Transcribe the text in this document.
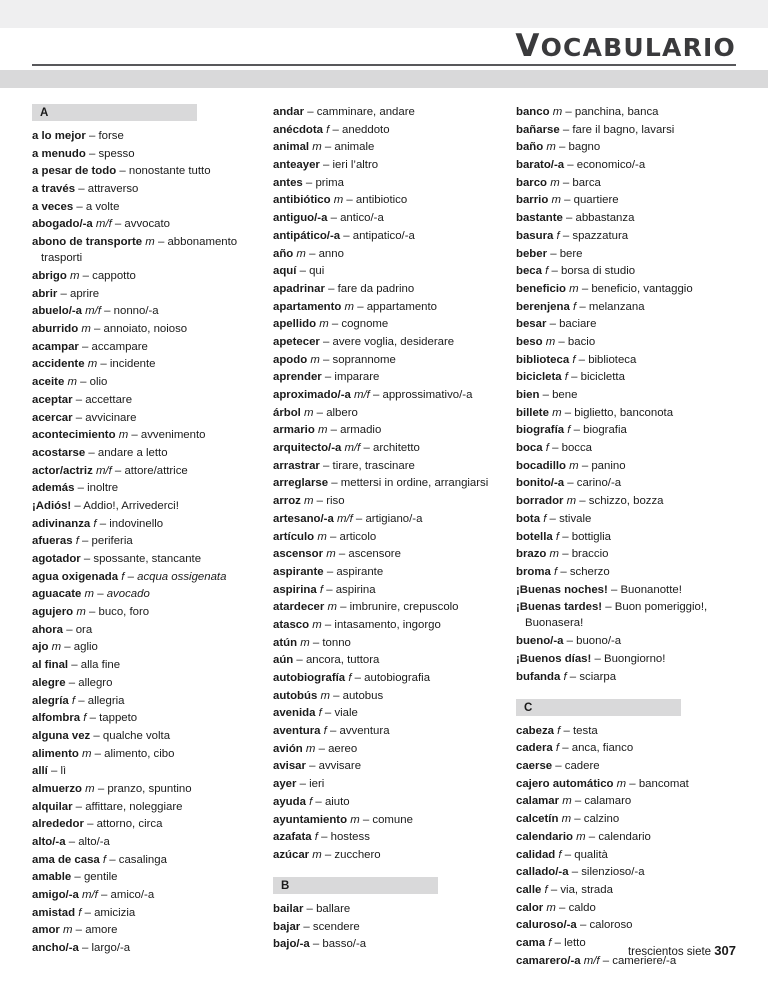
VOCABULARIO
A

a lo mejor – forse

a menudo – spesso

a pesar de todo – nonostante tutto

a través – attraverso

a veces – a volte

abogado/-a m/f – avvocato

abono de transporte m – abbonamento trasporti

abrigo m – cappotto

abrir – aprire

abuelo/-a m/f – nonno/-a

aburrido m – annoiato, noioso

acampar – accampare

accidente m – incidente

aceite m – olio

aceptar – accettare

acercar – avvicinare

acontecimiento m – avvenimento

acostarse – andare a letto

actor/actriz m/f – attore/attrice

además – inoltre

¡Adiós! – Addio!, Arrivederci!

adivinanza f – indovinello

afueras f – periferia

agotador – spossante, stancante

agua oxigenada f – acqua ossigenata

aguacate m – avocado

agujero m – buco, foro

ahora – ora

ajo m – aglio

al final – alla fine

alegre – allegro

alegría f – allegria

alfombra f – tappeto

alguna vez – qualche volta

alimento m – alimento, cibo

allí – lì

almuerzo m – pranzo, spuntino

alquilar – affittare, noleggiare

alrededor – attorno, circa

alto/-a – alto/-a

ama de casa f – casalinga

amable – gentile

amigo/-a m/f – amico/-a

amistad f – amicizia

amor m – amore

ancho/-a – largo/-a

andar – camminare, andare

anécdota f – aneddoto

animal m – animale

anteayer – ieri l’altro

antes – prima

antibiótico m – antibiotico

antiguo/-a – antico/-a

antipático/-a – antipatico/-a

año m – anno

aquí – qui

apadrinar – fare da padrino

apartamento m – appartamento

apellido m – cognome

apetecer – avere voglia, desiderare

apodo m – soprannome

aprender – imparare

aproximado/-a m/f – approssimativo/-a

árbol m – albero

armario m – armadio

arquitecto/-a m/f – architetto

arrastrar – tirare, trascinare

arreglarse – mettersi in ordine, arrangiarsi

arroz m – riso

artesano/-a m/f – artigiano/-a

artículo m – articolo

ascensor m – ascensore

aspirante – aspirante

aspirina f – aspirina

atardecer m – imbrunire, crepuscolo

atasco m – intasamento, ingorgo

atún m – tonno

aún – ancora, tuttora

autobiografía f – autobiografia

autobús m – autobus

avenida f – viale

aventura f – avventura

avión m – aereo

avisar – avvisare

ayer – ieri

ayuda f – aiuto

ayuntamiento m – comune

azafata f – hostess

azúcar m – zucchero

B

bailar – ballare

bajar – scendere

bajo/-a – basso/-a

banco m – panchina, banca

bañarse – fare il bagno, lavarsi

baño m – bagno

barato/-a – economico/-a

barco m – barca

barrio m – quartiere

bastante – abbastanza

basura f – spazzatura

beber – bere

beca f – borsa di studio

beneficio m – beneficio, vantaggio

berenjena f – melanzana

besar – baciare

beso m – bacio

biblioteca f – biblioteca

bicicleta f – bicicletta

bien – bene

billete m – biglietto, banconota

biografía f – biografia

boca f – bocca

bocadillo m – panino

bonito/-a – carino/-a

borrador m – schizzo, bozza

bota f – stivale

botella f – bottiglia

brazo m – braccio

broma f – scherzo

¡Buenas noches! – Buonanotte!

¡Buenas tardes! – Buon pomeriggio!, Buonasera!

bueno/-a – buono/-a

¡Buenos días! – Buongiorno!

bufanda f – sciarpa

C

cabeza f – testa

cadera f – anca, fianco

caerse – cadere

cajero automático m – bancomat

calamar m – calamaro

calcetín m – calzino

calendario m – calendario

calidad f – qualità

callado/-a – silenzioso/-a

calle f – via, strada

calor m – caldo

caluroso/-a – caloroso

cama f – letto

camarero/-a m/f – cameriere/-a

trescientos siete 307
